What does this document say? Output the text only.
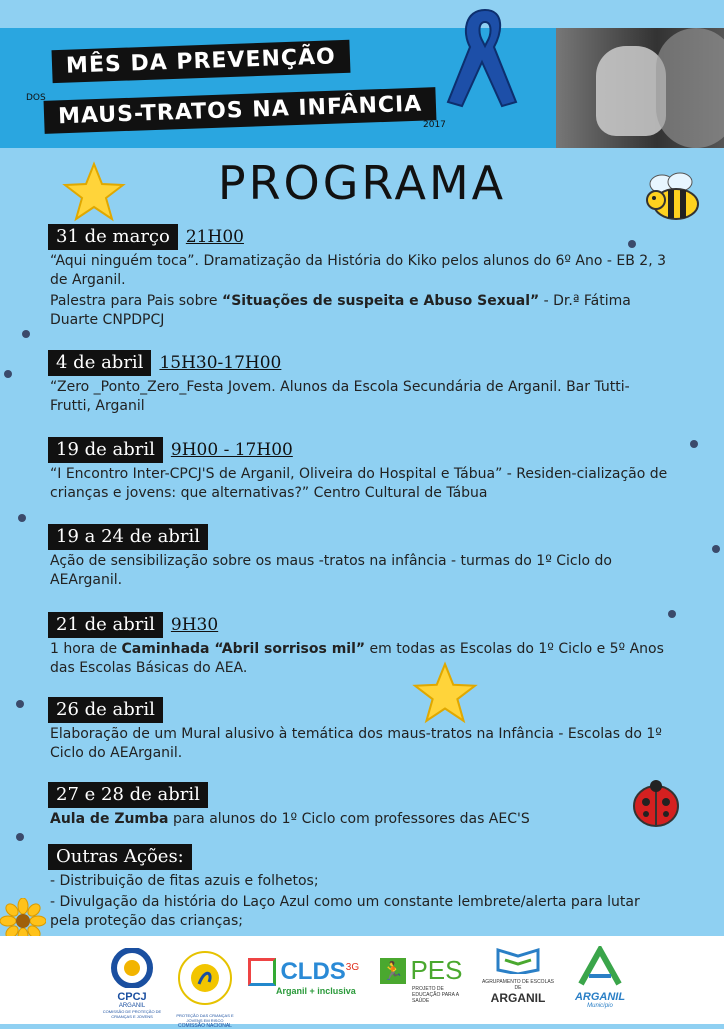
MÊS DA PREVENÇÃO
DOS MAUS-TRATOS NA INFÂNCIA 2017
PROGRAMA
31 de março 21H00

“Aqui ninguém toca”. Dramatização da História do Kiko pelos alunos do 6º Ano - EB 2, 3 de Arganil.

Palestra para Pais sobre “Situações de suspeita e Abuso Sexual” - Dr.ª Fátima Duarte CNPDPCJ

4 de abril 15H30-17H00

“Zero _Ponto_Zero_Festa Jovem. Alunos da Escola Secundária de Arganil. Bar Tutti-Frutti, Arganil

19 de abril 9H00 - 17H00

“I Encontro Inter-CPCJ'S de Arganil, Oliveira do Hospital e Tábua” - Residen-cialização de crianças e jovens: que alternativas?” Centro Cultural de Tábua

19 a 24 de abril

Ação de sensibilização sobre os maus -tratos na infância - turmas do 1º Ciclo do AEArganil.

21 de abril 9H30

1 hora de Caminhada “Abril sorrisos mil” em todas as Escolas do 1º Ciclo e 5º Anos das Escolas Básicas do AEA.

26 de abril

Elaboração de um Mural alusivo à temática dos maus-tratos na Infância - Escolas do 1º Ciclo do AEArganil.

27 e 28 de abril

Aula de Zumba para alunos do 1º Ciclo com professores das AEC'S

Outras Ações:

- Distribuição de fitas azuis e folhetos;

- Divulgação da história do Laço Azul como um constante lembrete/alerta para lutar pela proteção das crianças;

CPCJ
ARGANIL
COMISSÃO DE PROTEÇÃO DE CRIANÇAS E JOVENS	PROTEÇÃO DAS CRIANÇAS E JOVENS EM RISCO
COMISSÃO NACIONAL
$CLDS^{3G}$
Arganil + inclusiva
🏃 PES
PROJETO DE EDUCAÇÃO PARA A SAÚDE
AGRUPAMENTO DE ESCOLAS DE
ARGANIL	ARGANIL
Município
